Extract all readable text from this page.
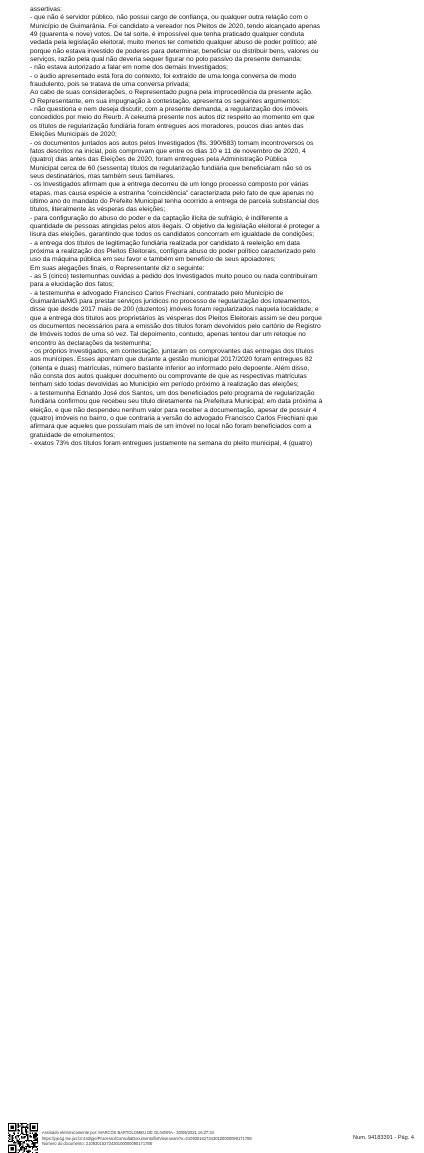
assertivas:
- que não é servidor público, não possui cargo de confiança, ou qualquer outra relação com o
Município de Guimarânia. Foi candidato a vereador nos Pleitos de 2020, tendo alcançado apenas
49 (quarenta e nove) votos. De tal sorte, é impossível que tenha praticado qualquer conduta
vedada pela legislação eleitoral, muito menos ter cometido qualquer abuso de poder político; até
porque não estava investido de poderes para determinar, beneficiar ou distribuir bens, valores ou
serviços, razão pela qual não deveria sequer figurar no polo passivo da presente demanda;
- não estava autorizado a falar em nome dos demais Investigados;
- o áudio apresentado está fora do contexto, foi extraído de uma longa conversa de modo
fraudulento, pois se tratava de uma conversa privada;
Ao cabo de suas considerações, o Representado pugna pela improcedência da presente ação.
O Representante, em sua impugnação à contestação, apresenta os seguintes argumentos:
- não questiona e nem deseja discutir, com a presente demanda, a regularização dos imóveis
concedidos por meio do Reurb. A celeuma presente nos autos diz respeito ao momento em que
os títulos de regularização fundiária foram entregues aos moradores, poucos dias antes das
Eleições Municipais de 2020;
- os documentos juntados aos autos pelos Investigados (fls. 390/683) tornam incontroversos os
fatos descritos na inicial, pois comprovam que entre os dias 10 e 11 de novembro de 2020, 4
(quatro) dias antes das Eleições de 2020, foram entregues pela Administração Pública
Municipal cerca de 60 (sessenta) títulos de regularização fundiária que beneficiaram não só os
seus destinatários, mas também seus familiares.
- os Investigados afirmam que a entrega decorreu de um longo processo composto por várias
etapas, mas causa espécie a estranha "coincidência" caracterizada pelo fato de que apenas no
último ano do mandato do Prefeito Municipal tenha ocorrido a entrega de parcela substancial dos
títulos, literalmente às vésperas das eleições;
- para configuração do abuso do poder e da captação ilícita de sufrágio, é indiferente a
quantidade de pessoas atingidas pelos atos ilegais. O objetivo da legislação eleitoral é proteger a
lisura das eleições, garantindo que todos os candidatos concorram em igualdade de condições;
- a entrega dos títulos de legitimação fundiária realizada por candidato à reeleição em data
próxima a realização dos Pleitos Eleitorais, configura abuso do poder político caracterizado pelo
uso da máquina pública em seu favor e também em benefício de seus apoiadores;
Em suas alegações finais, o Representante diz o seguinte:
- as 5 (cinco) testemunhas ouvidas a pedido dos Investigados muito pouco ou nada contribuíram
para a elucidação dos fatos;
- a testemunha e advogado Francisco Carlos Frechiani, contratado pelo Município de
Guimarânia/MG para prestar serviços jurídicos no processo de regularização dos loteamentos,
disse que desde 2017 mais de 200 (duzentos) imóveis foram regularizados naquela localidade; e
que a entrega dos títulos aos proprietários às vésperas dos Pleitos Eleitorais assim se deu porque
os documentos necessários para a emissão dos títulos foram devolvidos pelo cartório de Registro
de Imóveis todos de uma só vez. Tal depoimento, contudo, apenas tentou dar um retoque no
encontro às declarações da testemunha;
- os próprios Investigados, em contestação, juntaram os comprovantes das entregas dos títulos
aos munícipes. Esses apontam que durante a gestão municipal 2017/2020 foram entregues 82
(oitenta e duas) matrículas, número bastante inferior ao informado pelo depoente. Além disso,
não consta dos autos qualquer documento ou comprovante de que as respectivas matrículas
tenham sido todas devolvidas ao Município em período próximo à realização das eleições;
- a testemunha Ednaldo José dos Santos, um dos beneficiados pelo programa de regularização
fundiária confirmou que recebeu seu título diretamente na Prefeitura Municipal; em data próxima à
eleição, e que não despendeu nenhum valor para receber a documentação, apesar de possuir 4
(quatro) imóveis no bairro, o que contraria a versão do advogado Francisco Carlos Frechiani que
afirmara que aqueles que possuíam mais de um imóvel no local não foram beneficiados com a
gratuidade de emolumentos;
- exatos 73% dos títulos foram entregues justamente na semana do pleito municipal, 4 (quatro)
Assinado eletronicamente por: MARCOS BARTOLOMEU DE OLIVEIRA - 30/09/2021 16:27:34
https://pje1g.tse.jus.br:443/pje/Processo/ConsultaDocumento/listView.seam?x=21093016273430100000090171788
Número do documento: 21093016273430100000090171788
Num. 94183391 - Pág. 4
